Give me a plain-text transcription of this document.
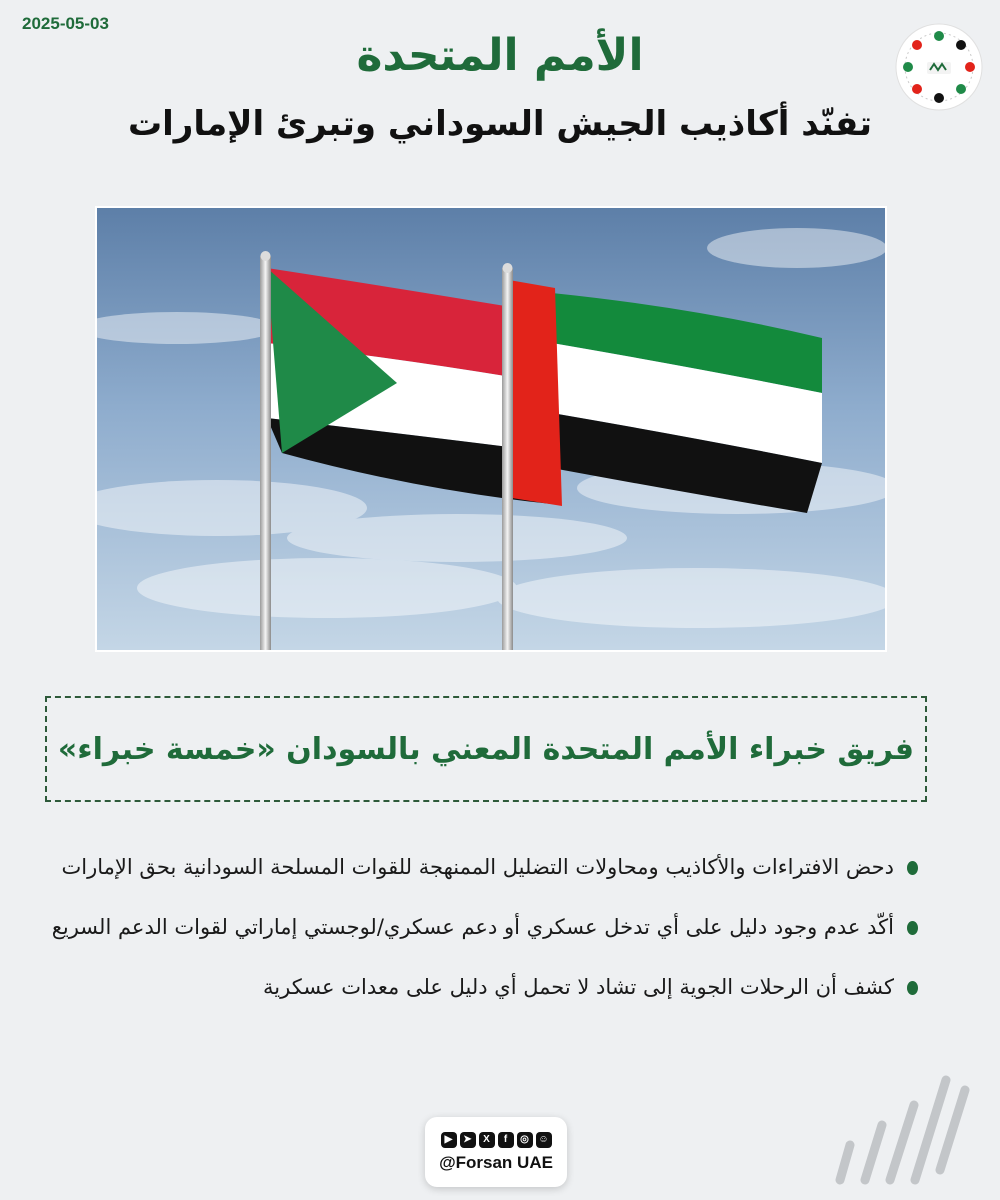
2025-05-03
الأمم المتحدة
تفنّد أكاذيب الجيش السوداني وتبرئ الإمارات
فريق خبراء الأمم المتحدة المعني بالسودان «خمسة خبراء»
دحض الافتراءات والأكاذيب ومحاولات التضليل الممنهجة للقوات المسلحة السودانية بحق الإمارات
أكّد عدم وجود دليل على أي تدخل عسكري أو دعم عسكري/لوجستي إماراتي لقوات الدعم السريع
كشف أن الرحلات الجوية إلى تشاد لا تحمل أي دليل على معدات عسكرية
▶	➤	X	f	◎ ☺
@Forsan UAE
